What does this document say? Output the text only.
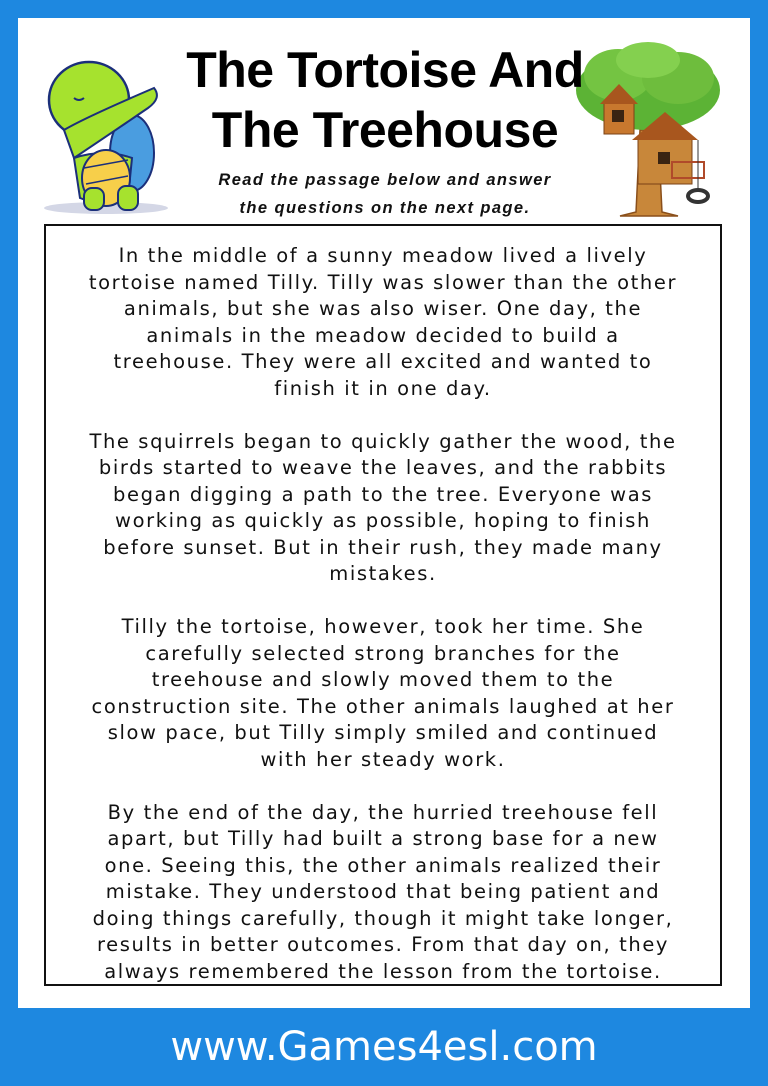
The Tortoise And
The Treehouse
Read the passage below and answer
the questions on the next page.
In the middle of a sunny meadow lived a lively
tortoise named Tilly. Tilly was slower than the other
animals, but she was also wiser. One day, the
animals in the meadow decided to build a
treehouse. They were all excited and wanted to
finish it in one day.
The squirrels began to quickly gather the wood, the
birds started to weave the leaves, and the rabbits
began digging a path to the tree. Everyone was
working as quickly as possible, hoping to finish
before sunset. But in their rush, they made many
mistakes.
Tilly the tortoise, however, took her time. She
carefully selected strong branches for the
treehouse and slowly moved them to the
construction site. The other animals laughed at her
slow pace, but Tilly simply smiled and continued
with her steady work.
By the end of the day, the hurried treehouse fell
apart, but Tilly had built a strong base for a new
one. Seeing this, the other animals realized their
mistake. They understood that being patient and
doing things carefully, though it might take longer,
results in better outcomes. From that day on, they
always remembered the lesson from the tortoise.
www.Games4esl.com
